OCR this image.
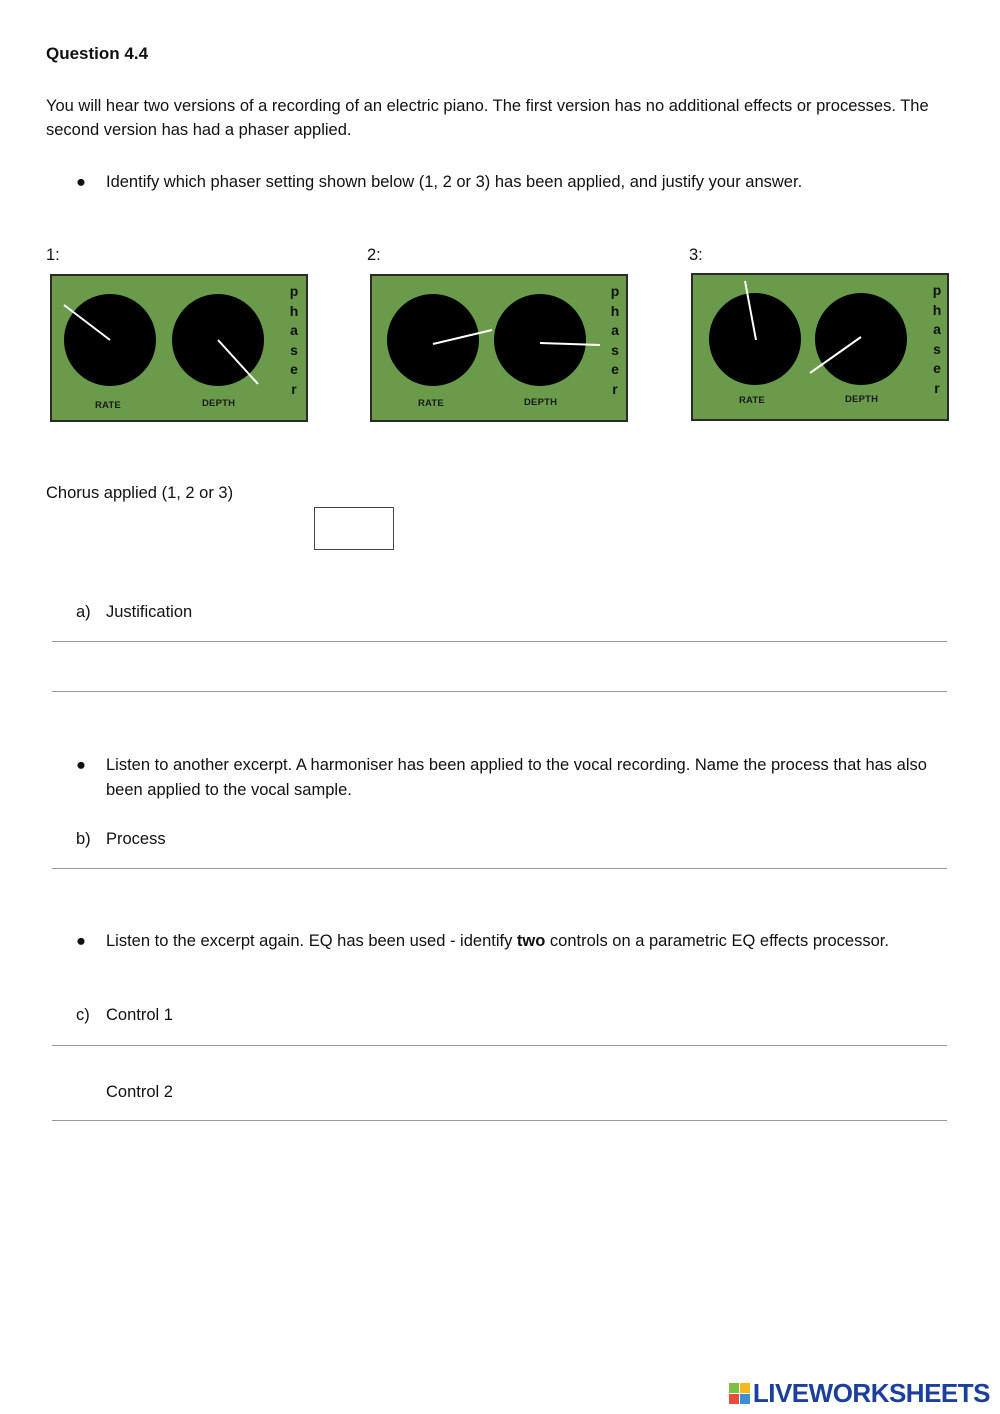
Question 4.4
You will hear two versions of a recording of an electric piano. The first version has no additional effects or processes. The second version has had a phaser applied.
● Identify which phaser setting shown below (1, 2 or 3) has been applied, and justify your answer.
1:	2:	3:
RATE	DEPTH
p
h
a
s
e
r
RATE	DEPTH
p
h
a
s
e
r
RATE	DEPTH
p
h
a
s
e
r
Chorus applied (1, 2 or 3)
a) Justification
● Listen to another excerpt. A harmoniser has been applied to the vocal recording. Name the process that has also been applied to the vocal sample.
b) Process
● Listen to the excerpt again. EQ has been used - identify two controls on a parametric EQ effects processor.
c) Control 1
Control 2
LIVEWORKSHEETS
